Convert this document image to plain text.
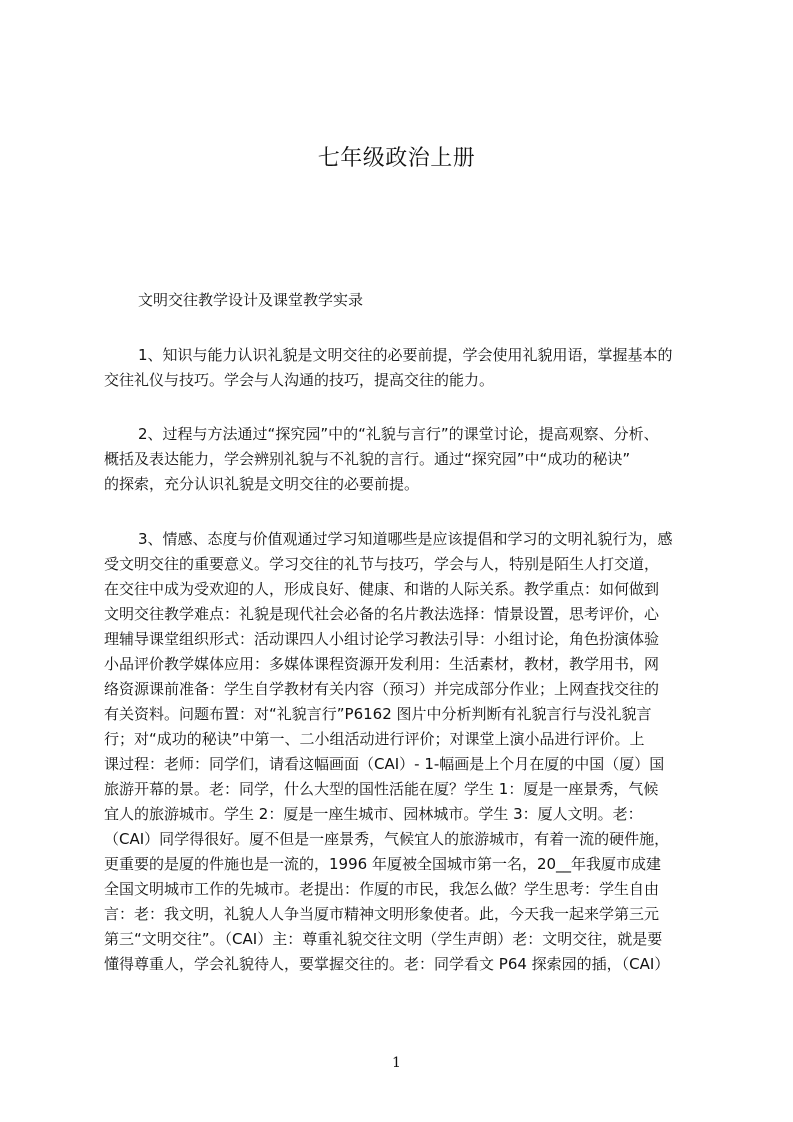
七年级政治上册
文明交往教学设计及课堂教学实录
1、知识与能力认识礼貌是文明交往的必要前提，学会使用礼貌用语，掌握基本的
交往礼仪与技巧。学会与人沟通的技巧，提高交往的能力。
2、过程与方法通过“探究园”中的“礼貌与言行”的课堂讨论，提高观察、分析、
概括及表达能力，学会辨别礼貌与不礼貌的言行。通过“探究园”中“成功的秘诀”
的探索，充分认识礼貌是文明交往的必要前提。
3、情感、态度与价值观通过学习知道哪些是应该提倡和学习的文明礼貌行为，感
受文明交往的重要意义。学习交往的礼节与技巧，学会与人，特别是陌生人打交道，
在交往中成为受欢迎的人，形成良好、健康、和谐的人际关系。教学重点：如何做到
文明交往教学难点：礼貌是现代社会必备的名片教法选择：情景设置，思考评价，心
理辅导课堂组织形式：活动课四人小组讨论学习教法引导：小组讨论，角色扮演体验
小品评价教学媒体应用：多媒体课程资源开发利用：生活素材，教材，教学用书，网
络资源课前准备：学生自学教材有关内容（预习）并完成部分作业；上网查找交往的
有关资料。问题布置：对“礼貌言行”P6162 图片中分析判断有礼貌言行与没礼貌言
行；对“成功的秘诀”中第一、二小组活动进行评价；对课堂上演小品进行评价。上
课过程：老师：同学们，请看这幅画面（CAI）- 1-幅画是上个月在厦的中国（厦）国
旅游开幕的景。老：同学，什么大型的国性活能在厦？学生 1：厦是一座景秀，气候
宜人的旅游城市。学生 2：厦是一座生城市、园林城市。学生 3：厦人文明。老：
（CAI）同学得很好。厦不但是一座景秀，气候宜人的旅游城市，有着一流的硬件施，
更重要的是厦的件施也是一流的，1996 年厦被全国城市第一名，20__年我厦市成建
全国文明城市工作的先城市。老提出：作厦的市民，我怎么做？学生思考：学生自由
言：老：我文明，礼貌人人争当厦市精神文明形象使者。此，今天我一起来学第三元
第三“文明交往”。（CAI）主：尊重礼貌交往文明（学生声朗）老：文明交往，就是要
懂得尊重人，学会礼貌待人，要掌握交往的。老：同学看文 P64 探索园的插，（CAI）
1
